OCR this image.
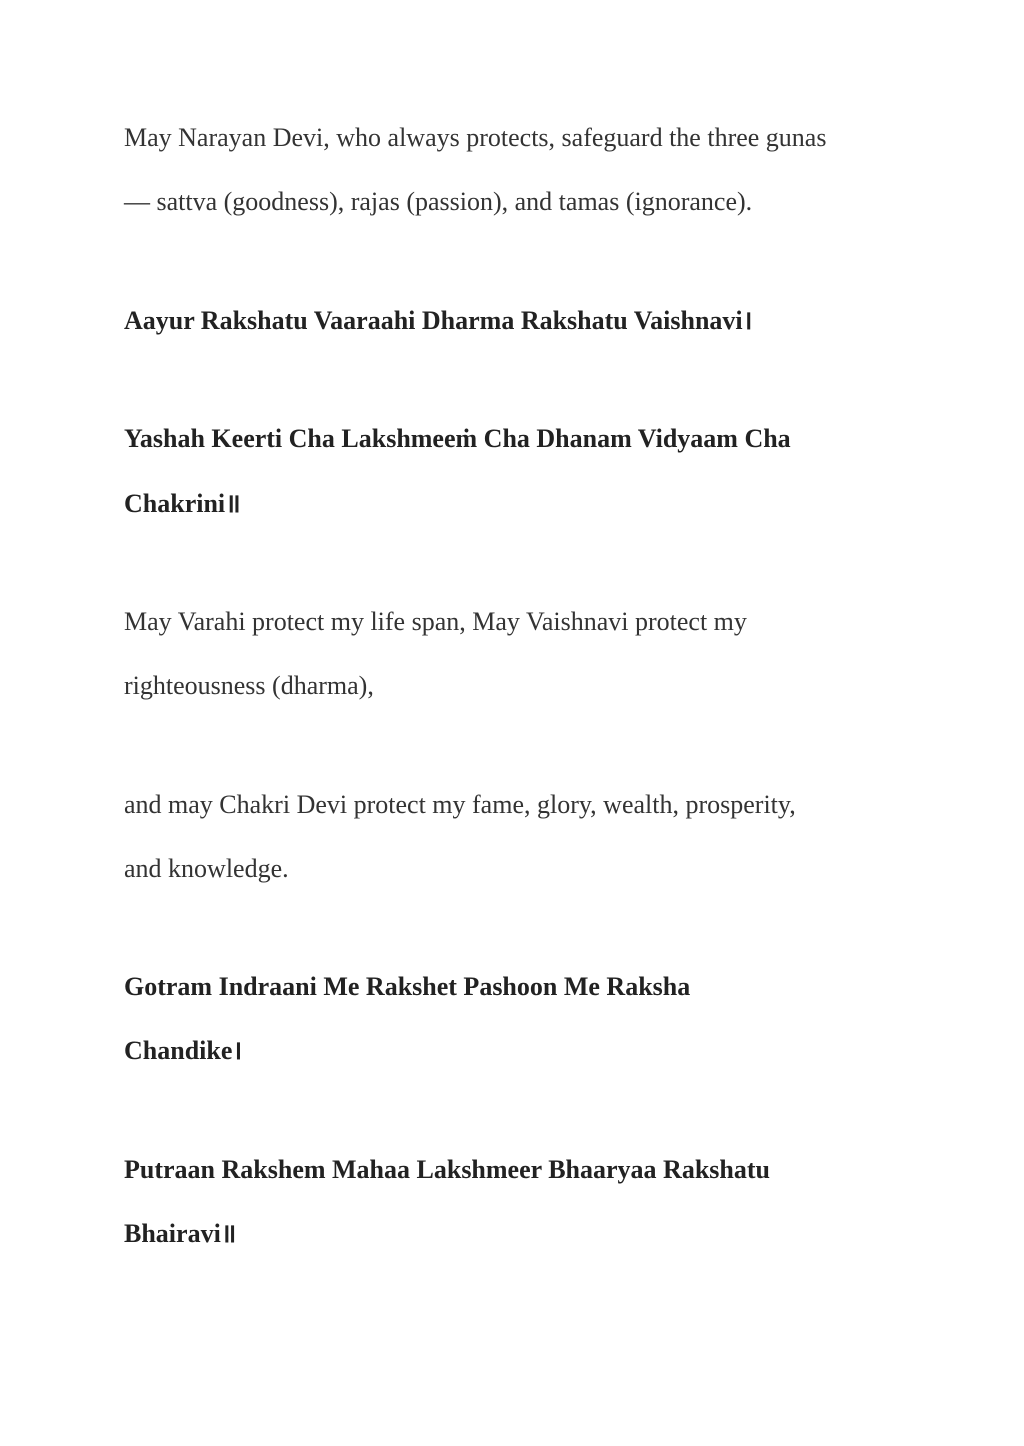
May Narayan Devi, who always protects, safeguard the three gunas

— sattva (goodness), rajas (passion), and tamas (ignorance).

Aayur Rakshatu Vaaraahi Dharma Rakshatu Vaishnavi।

Yashah Keerti Cha Lakshmeeṁ Cha Dhanam Vidyaam Cha

Chakrini॥

May Varahi protect my life span, May Vaishnavi protect my

righteousness (dharma),

and may Chakri Devi protect my fame, glory, wealth, prosperity,

and knowledge.

Gotram Indraani Me Rakshet Pashoon Me Raksha

Chandike।

Putraan Rakshem Mahaa Lakshmeer Bhaaryaa Rakshatu

Bhairavi॥
